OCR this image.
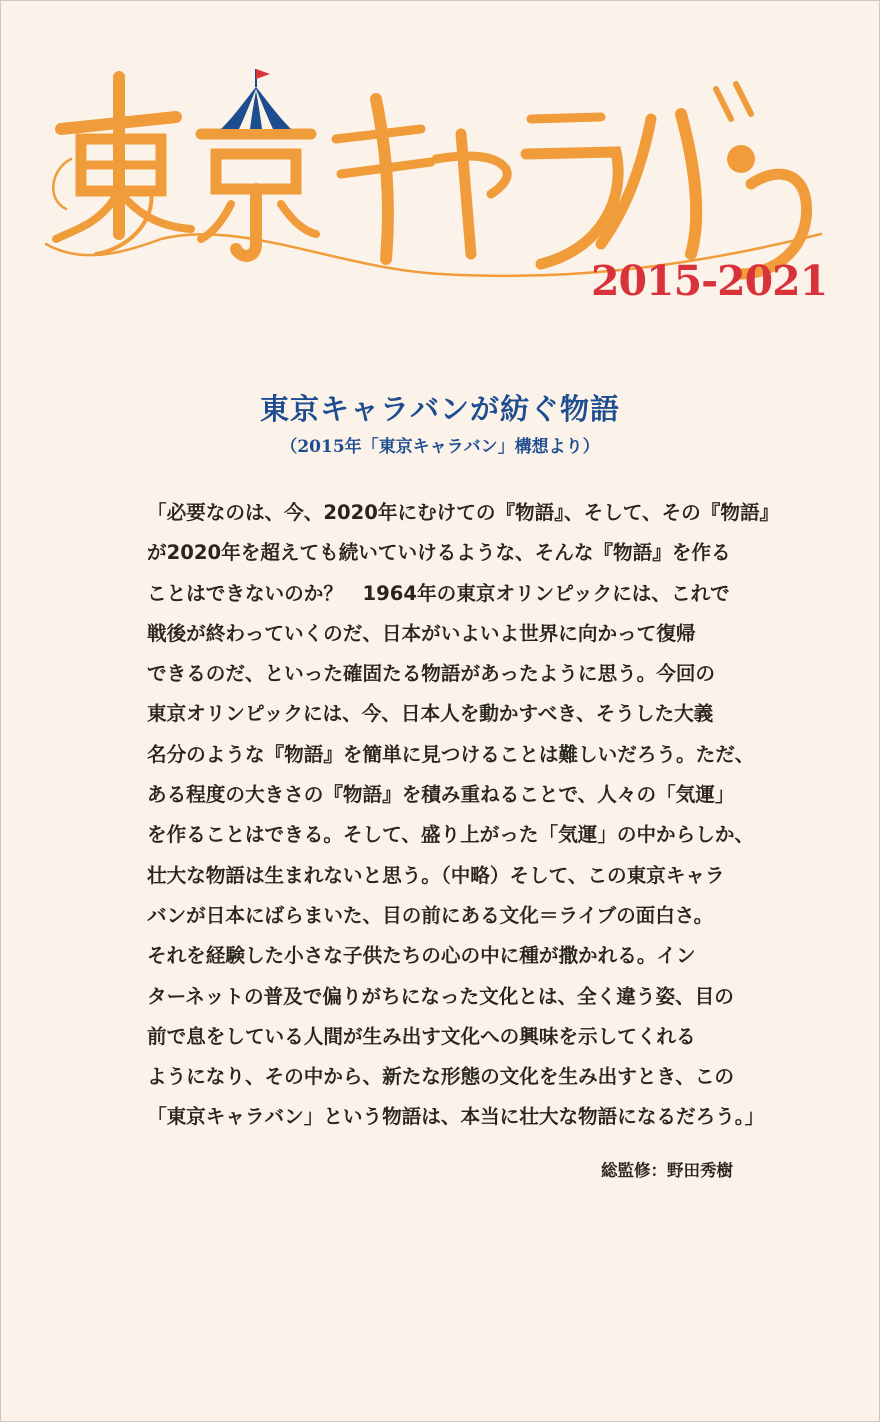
2015-2021
東京キャラバンが紡ぐ物語
（2015年「東京キャラバン」構想より）
「必要なのは、今、2020年にむけての『物語』、そして、その『物語』
が2020年を超えても続いていけるような、そんな『物語』を作る
ことはできないのか？　1964年の東京オリンピックには、これで
戦後が終わっていくのだ、日本がいよいよ世界に向かって復帰
できるのだ、といった確固たる物語があったように思う。今回の
東京オリンピックには、今、日本人を動かすべき、そうした大義
名分のような『物語』を簡単に見つけることは難しいだろう。ただ、
ある程度の大きさの『物語』を積み重ねることで、人々の「気運」
を作ることはできる。そして、盛り上がった「気運」の中からしか、
壮大な物語は生まれないと思う。（中略）そして、この東京キャラ
バンが日本にばらまいた、目の前にある文化＝ライブの面白さ。
それを経験した小さな子供たちの心の中に種が撒かれる。イン
ターネットの普及で偏りがちになった文化とは、全く違う姿、目の
前で息をしている人間が生み出す文化への興味を示してくれる
ようになり、その中から、新たな形態の文化を生み出すとき、この
「東京キャラバン」という物語は、本当に壮大な物語になるだろう。」
総監修：野田秀樹
